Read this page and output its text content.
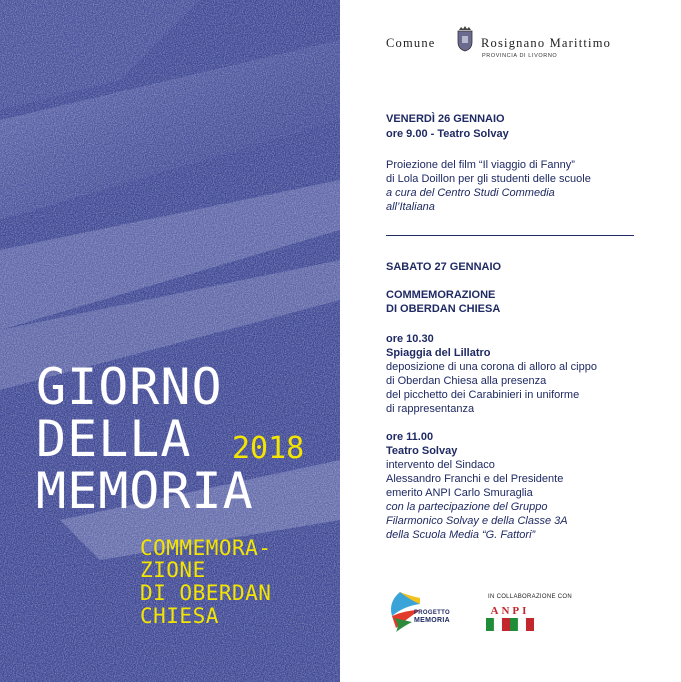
GIORNO
DELLA
MEMORIA
2018
COMMEMORA-
ZIONE
DI OBERDAN
CHIESA
Comune	Rosignano Marittimo
PROVINCIA DI LIVORNO
VENERDÌ 26 GENNAIO
ore 9.00 - Teatro Solvay
Proiezione del film “Il viaggio di Fanny”
di Lola Doillon per gli studenti delle scuole
a cura del Centro Studi Commedia
all’Italiana
SABATO 27 GENNAIO
COMMEMORAZIONE
DI OBERDAN CHIESA
ore 10.30
Spiaggia del Lillatro
deposizione di una corona di alloro al cippo
di Oberdan Chiesa alla presenza
del picchetto dei Carabinieri in uniforme
di rappresentanza
ore 11.00
Teatro Solvay
intervento del Sindaco
Alessandro Franchi e del Presidente
emerito ANPI Carlo Smuraglia
con la partecipazione del Gruppo
Filarmonico Solvay e della Classe 3A
della Scuola Media “G. Fattori”
PROGETTO
MEMORIA
IN COLLABORAZIONE CON
ANPI
